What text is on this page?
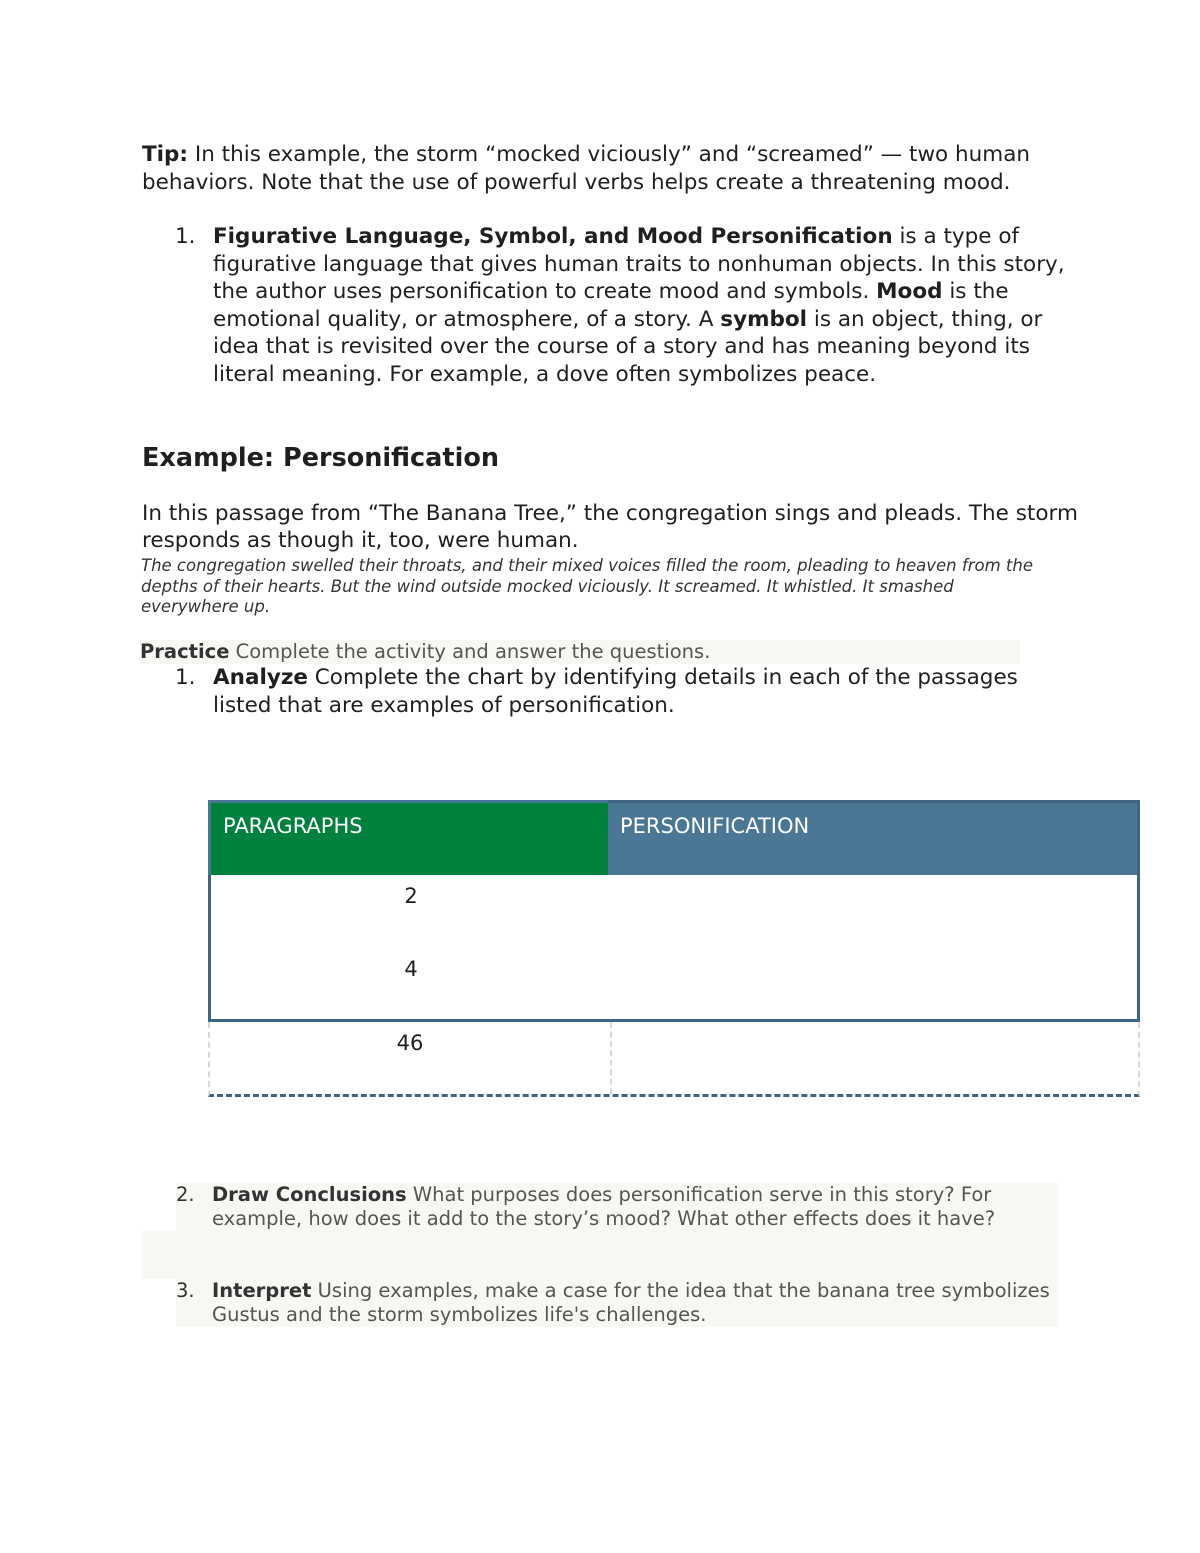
Tip: In this example, the storm “mocked viciously” and “screamed” — two human behaviors. Note that the use of powerful verbs helps create a threatening mood.
1. Figurative Language, Symbol, and Mood Personification is a type of figurative language that gives human traits to nonhuman objects. In this story, the author uses personification to create mood and symbols. Mood is the emotional quality, or atmosphere, of a story. A symbol is an object, thing, or idea that is revisited over the course of a story and has meaning beyond its literal meaning. For example, a dove often symbolizes peace.
Example: Personification
In this passage from “The Banana Tree,” the congregation sings and pleads. The storm responds as though it, too, were human.
The congregation swelled their throats, and their mixed voices filled the room, pleading to heaven from the depths of their hearts. But the wind outside mocked viciously. It screamed. It whistled. It smashed everywhere up.
Practice Complete the activity and answer the questions.
1. Analyze Complete the chart by identifying details in each of the passages listed that are examples of personification.
PARAGRAPHS	PERSONIFICATION
2
4
46
2. Draw Conclusions What purposes does personification serve in this story? For example, how does it add to the story’s mood? What other effects does it have?
3. Interpret Using examples, make a case for the idea that the banana tree symbolizes Gustus and the storm symbolizes life's challenges.
